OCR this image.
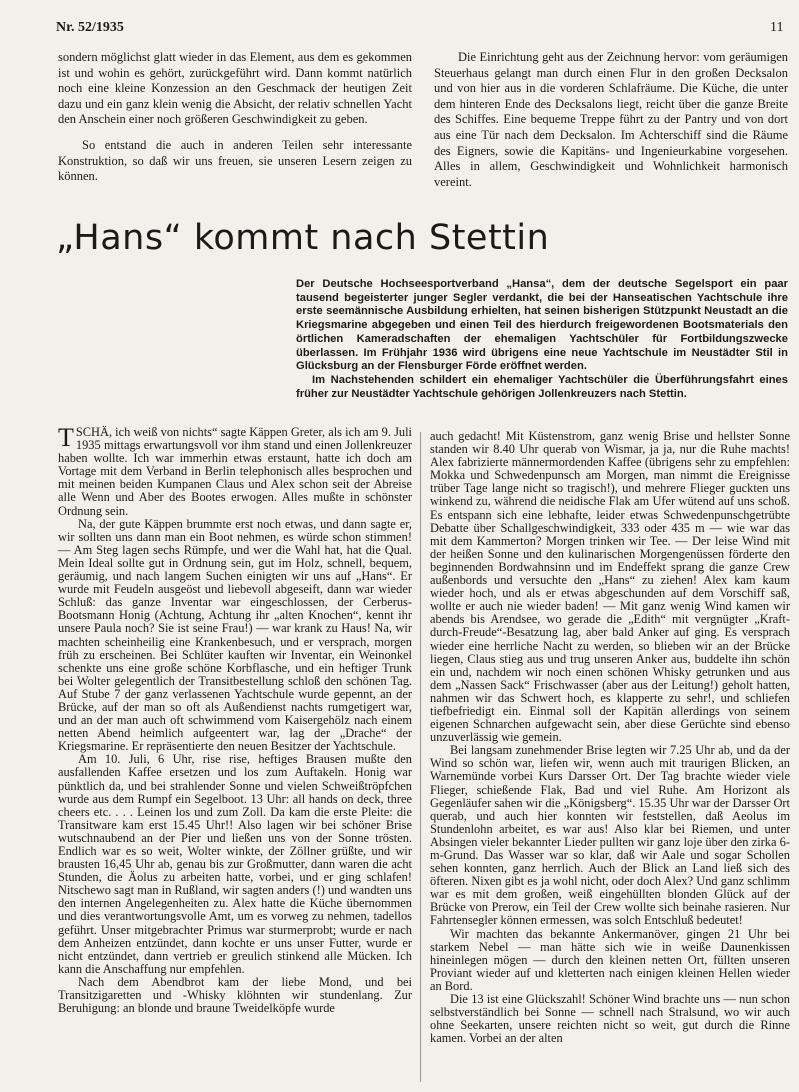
Nr. 52/1935	11

sondern möglichst glatt wieder in das Element, aus dem es gekommen ist und wohin es gehört, zurückgeführt wird. Dann kommt natürlich noch eine kleine Konzession an den Geschmack der heutigen Zeit dazu und ein ganz klein wenig die Absicht, der relativ schnellen Yacht den Anschein einer noch größeren Geschwindigkeit zu geben.

So entstand die auch in anderen Teilen sehr interessante Konstruktion, so daß wir uns freuen, sie unseren Lesern zeigen zu können.

Die Einrichtung geht aus der Zeichnung hervor: vom geräumigen Steuerhaus gelangt man durch einen Flur in den großen Decksalon und von hier aus in die vorderen Schlafräume. Die Küche, die unter dem hinteren Ende des Decksalons liegt, reicht über die ganze Breite des Schiffes. Eine bequeme Treppe führt zu der Pantry und von dort aus eine Tür nach dem Decksalon. Im Achterschiff sind die Räume des Eigners, sowie die Kapitäns- und Ingenieurkabine vorgesehen. Alles in allem, Geschwindigkeit und Wohnlichkeit harmonisch vereint.

„Hans“ kommt nach Stettin

Der Deutsche Hochseesportverband „Hansa“, dem der deutsche Segelsport ein paar tausend begeisterter junger Segler verdankt, die bei der Hanseatischen Yachtschule ihre erste seemännische Ausbildung erhielten, hat seinen bisherigen Stützpunkt Neustadt an die Kriegsmarine abgegeben und einen Teil des hierdurch freigewordenen Bootsmaterials den örtlichen Kameradschaften der ehemaligen Yachtschüler für Fortbildungszwecke überlassen. Im Frühjahr 1936 wird übrigens eine neue Yachtschule im Neustädter Stil in Glücksburg an der Flensburger Förde eröffnet werden.

Im Nachstehenden schildert ein ehemaliger Yachtschüler die Überführungsfahrt eines früher zur Neustädter Yachtschule gehörigen Jollenkreuzers nach Stettin.

TSCHÄ, ich weiß von nichts“ sagte Käppen Greter, als ich am 9. Juli 1935 mittags erwartungsvoll vor ihm stand und einen Jollenkreuzer haben wollte. Ich war immerhin etwas erstaunt, hatte ich doch am Vortage mit dem Verband in Berlin telephonisch alles besprochen und mit meinen beiden Kumpanen Claus und Alex schon seit der Abreise alle Wenn und Aber des Bootes erwogen. Alles mußte in schönster Ordnung sein.

Na, der gute Käppen brummte erst noch etwas, und dann sagte er, wir sollten uns dann man ein Boot nehmen, es würde schon stimmen! — Am Steg lagen sechs Rümpfe, und wer die Wahl hat, hat die Qual. Mein Ideal sollte gut in Ordnung sein, gut im Holz, schnell, bequem, geräumig, und nach langem Suchen einigten wir uns auf „Hans“. Er wurde mit Feudeln ausgeöst und liebevoll abgeseift, dann war wieder Schluß: das ganze Inventar war eingeschlossen, der Cerberus-Bootsmann Honig (Achtung, Achtung ihr „alten Knochen“, kennt ihr unsere Paula noch? Sie ist seine Frau!) — war krank zu Haus! Na, wir machten scheinheilig eine Krankenbesuch, und er versprach, morgen früh zu erscheinen. Bei Schlüter kauften wir Inventar, ein Weinonkel schenkte uns eine große schöne Korbflasche, und ein heftiger Trunk bei Wolter gelegentlich der Transitbestellung schloß den schönen Tag. Auf Stube 7 der ganz verlassenen Yachtschule wurde gepennt, an der Brücke, auf der man so oft als Außendienst nachts rumgetigert war, und an der man auch oft schwimmend vom Kaisergehölz nach einem netten Abend heimlich aufgeentert war, lag der „Drache“ der Kriegsmarine. Er repräsentierte den neuen Besitzer der Yachtschule.

Am 10. Juli, 6 Uhr, rise rise, heftiges Brausen mußte den ausfallenden Kaffee ersetzen und los zum Auftakeln. Honig war pünktlich da, und bei strahlender Sonne und vielen Schweißtröpfchen wurde aus dem Rumpf ein Segelboot. 13 Uhr: all hands on deck, three cheers etc. . . . Leinen los und zum Zoll. Da kam die erste Pleite: die Transitware kam erst 15.45 Uhr!! Also lagen wir bei schöner Brise wutschnaubend an der Pier und ließen uns von der Sonne trösten. Endlich war es so weit, Wolter winkte, der Zöllner grüßte, und wir brausten 16,45 Uhr ab, genau bis zur Großmutter, dann waren die acht Stunden, die Äolus zu arbeiten hatte, vorbei, und er ging schlafen! Nitschewo sagt man in Rußland, wir sagten anders (!) und wandten uns den internen Angelegenheiten zu. Alex hatte die Küche übernommen und dies verantwortungsvolle Amt, um es vorweg zu nehmen, tadellos geführt. Unser mitgebrachter Primus war sturmerprobt; wurde er nach dem Anheizen entzündet, dann kochte er uns unser Futter, wurde er nicht entzündet, dann vertrieb er greulich stinkend alle Mücken. Ich kann die Anschaffung nur empfehlen.

Nach dem Abendbrot kam der liebe Mond, und bei Transitzigaretten und -Whisky klöhnten wir stundenlang. Zur Beruhigung: an blonde und braune Tweidelköpfe wurde

auch gedacht! Mit Küstenstrom, ganz wenig Brise und hellster Sonne standen wir 8.40 Uhr querab von Wismar, ja ja, nur die Ruhe machts! Alex fabrizierte männermordenden Kaffee (übrigens sehr zu empfehlen: Mokka und Schwedenpunsch am Morgen, man nimmt die Ereignisse trüber Tage lange nicht so tragisch!), und mehrere Flieger guckten uns winkend zu, während die neidische Flak am Ufer wütend auf uns schoß. Es entspann sich eine lebhafte, leider etwas Schwedenpunschgetrübte Debatte über Schallgeschwindigkeit, 333 oder 435 m — wie war das mit dem Kammerton? Morgen trinken wir Tee. — Der leise Wind mit der heißen Sonne und den kulinarischen Morgengenüssen förderte den beginnenden Bordwahnsinn und im Endeffekt sprang die ganze Crew außenbords und versuchte den „Hans“ zu ziehen! Alex kam kaum wieder hoch, und als er etwas abgeschunden auf dem Vorschiff saß, wollte er auch nie wieder baden! — Mit ganz wenig Wind kamen wir abends bis Arendsee, wo gerade die „Edith“ mit vergnügter „Kraft-durch-Freude“-Besatzung lag, aber bald Anker auf ging. Es versprach wieder eine herrliche Nacht zu werden, so blieben wir an der Brücke liegen, Claus stieg aus und trug unseren Anker aus, buddelte ihn schön ein und, nachdem wir noch einen schönen Whisky getrunken und aus dem „Nassen Sack“ Frischwasser (aber aus der Leitung!) geholt hatten, nahmen wir das Schwert hoch, es klapperte zu sehr!, und schliefen tiefbefriedigt ein. Einmal soll der Kapitän allerdings von seinem eigenen Schnarchen aufgewacht sein, aber diese Gerüchte sind ebenso unzuverlässig wie gemein.

Bei langsam zunehmender Brise legten wir 7.25 Uhr ab, und da der Wind so schön war, liefen wir, wenn auch mit traurigen Blicken, an Warnemünde vorbei Kurs Darsser Ort. Der Tag brachte wieder viele Flieger, schießende Flak, Bad und viel Ruhe. Am Horizont als Gegenläufer sahen wir die „Königsberg“. 15.35 Uhr war der Darsser Ort querab, und auch hier konnten wir feststellen, daß Aeolus im Stundenlohn arbeitet, es war aus! Also klar bei Riemen, und unter Absingen vieler bekannter Lieder pullten wir ganz loje über den zirka 6-m-Grund. Das Wasser war so klar, daß wir Aale und sogar Schollen sehen konnten, ganz herrlich. Auch der Blick an Land ließ sich des öfteren. Nixen gibt es ja wohl nicht, oder doch Alex? Und ganz schlimm war es mit dem großen, weiß eingehüllten blonden Glück auf der Brücke von Prerow, ein Teil der Crew wollte sich beinahe rasieren. Nur Fahrtensegler können ermessen, was solch Entschluß bedeutet!

Wir machten das bekannte Ankermanöver, gingen 21 Uhr bei starkem Nebel — man hätte sich wie in weiße Daunenkissen hineinlegen mögen — durch den kleinen netten Ort, füllten unseren Proviant wieder auf und kletterten nach einigen kleinen Hellen wieder an Bord.

Die 13 ist eine Glückszahl! Schöner Wind brachte uns — nun schon selbstverständlich bei Sonne — schnell nach Stralsund, wo wir auch ohne Seekarten, unsere reichten nicht so weit, gut durch die Rinne kamen. Vorbei an der alten
